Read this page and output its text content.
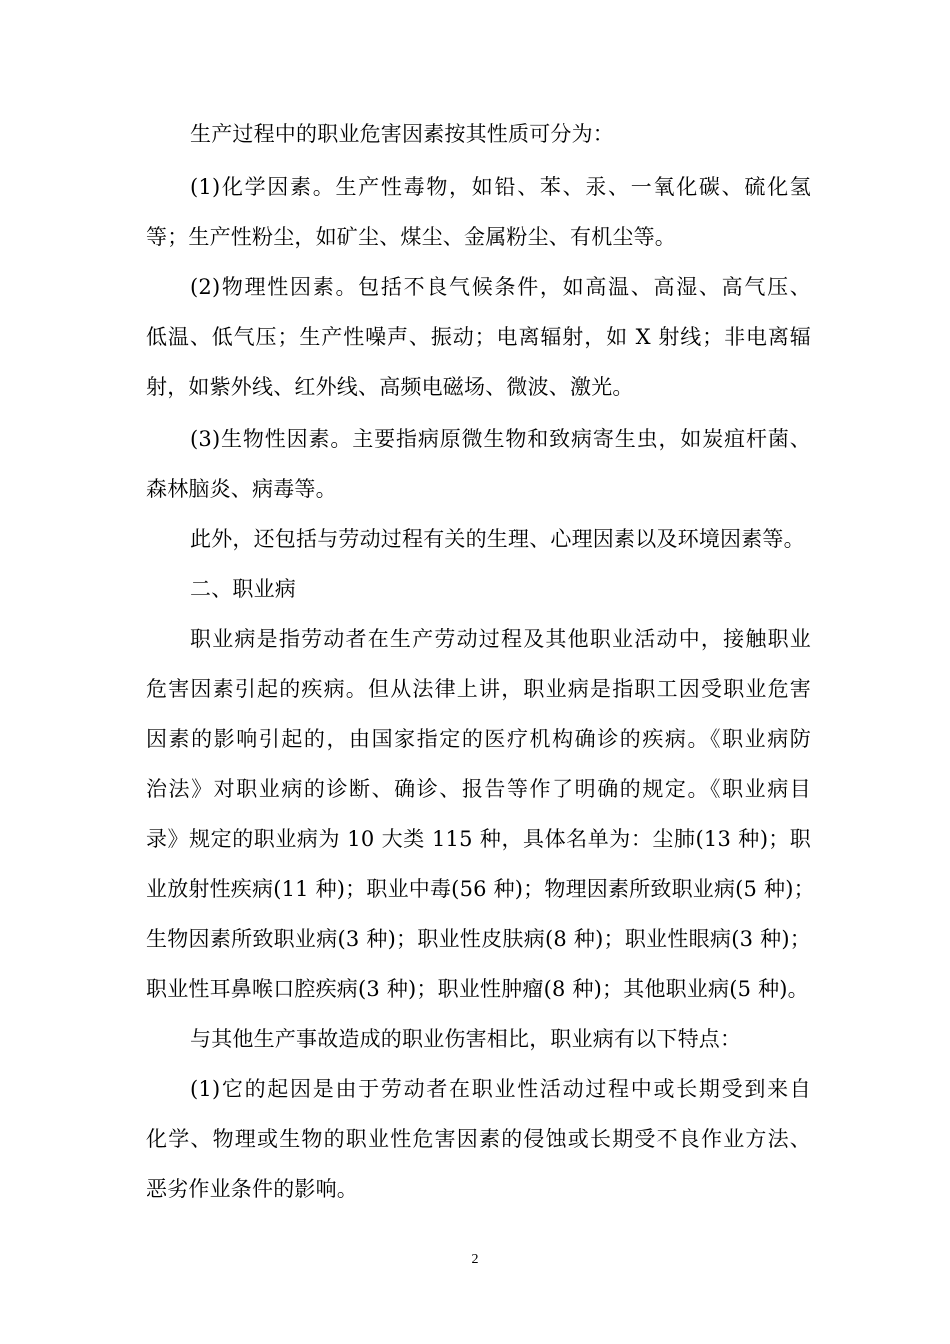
生产过程中的职业危害因素按其性质可分为：
(1)化学因素。生产性毒物，如铅、苯、汞、一氧化碳、硫化氢
等；生产性粉尘，如矿尘、煤尘、金属粉尘、有机尘等。
(2)物理性因素。包括不良气候条件，如高温、高湿、高气压、
低温、低气压；生产性噪声、振动；电离辐射，如 X 射线；非电离辐
射，如紫外线、红外线、高频电磁场、微波、激光。
(3)生物性因素。主要指病原微生物和致病寄生虫，如炭疽杆菌、
森林脑炎、病毒等。
此外，还包括与劳动过程有关的生理、心理因素以及环境因素等。
二、职业病
职业病是指劳动者在生产劳动过程及其他职业活动中，接触职业
危害因素引起的疾病。但从法律上讲，职业病是指职工因受职业危害
因素的影响引起的，由国家指定的医疗机构确诊的疾病。《职业病防
治法》对职业病的诊断、确诊、报告等作了明确的规定。《职业病目
录》规定的职业病为 10 大类 115 种，具体名单为：尘肺(13 种)；职
业放射性疾病(11 种)；职业中毒(56 种)；物理因素所致职业病(5 种)；
生物因素所致职业病(3 种)；职业性皮肤病(8 种)；职业性眼病(3 种)；
职业性耳鼻喉口腔疾病(3 种)；职业性肿瘤(8 种)；其他职业病(5 种)。
与其他生产事故造成的职业伤害相比，职业病有以下特点：
(1)它的起因是由于劳动者在职业性活动过程中或长期受到来自
化学、物理或生物的职业性危害因素的侵蚀或长期受不良作业方法、
恶劣作业条件的影响。
2
